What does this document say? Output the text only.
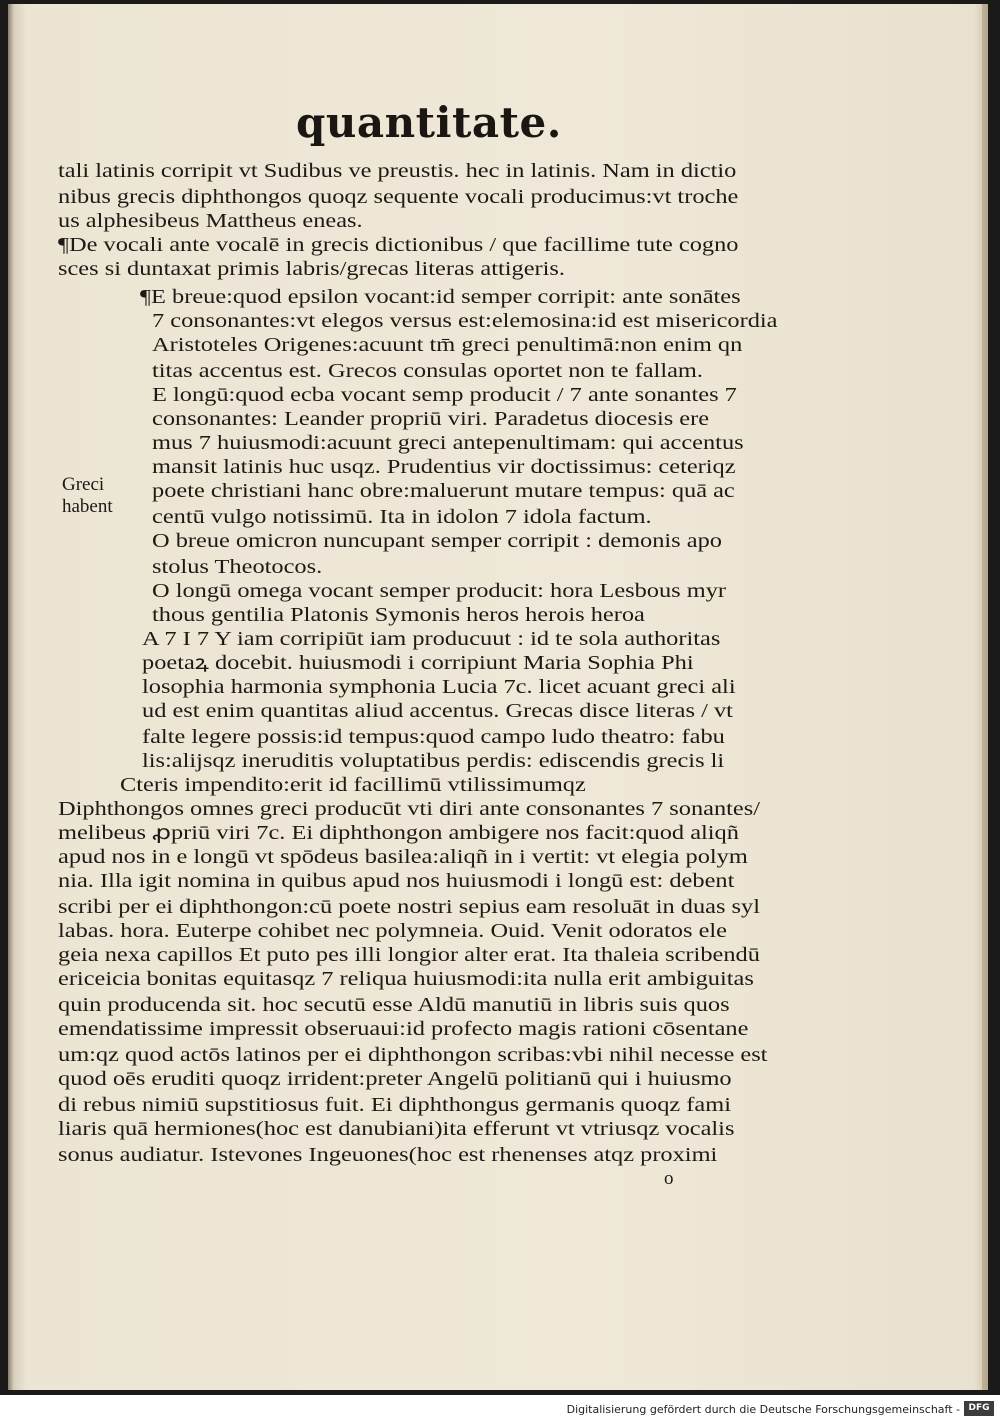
quantitate.
tali latinis corripit vt Sudibus ve preustis. hec in latinis. Nam in dictio
nibus grecis diphthongos quoqz sequente vocali producimus:vt troche
us alphesibeus Mattheus eneas.
¶De vocali ante vocalē in grecis dictionibus / que facillime tute cogno
sces si duntaxat primis labris/grecas literas attigeris.
¶E breue:quod epsilon vocant:id semper corripit: ante sonātes
7 consonantes:vt elegos versus est:elemosina:id est misericordia
Aristoteles Origenes:acuunt tm̄ greci penultimā:non enim qn
titas accentus est. Grecos consulas oportet non te fallam.
E longū:quod ecba vocant semp producit / 7 ante sonantes 7
consonantes: Leander propriū viri. Paradetus diocesis ere
mus 7 huiusmodi:acuunt greci antepenultimam: qui accentus
mansit latinis huc usqz. Prudentius vir doctissimus: ceteriqz
poete christiani hanc obre:maluerunt mutare tempus: quā ac
centū vulgo notissimū. Ita in idolon 7 idola factum.
O breue omicron nuncupant semper corripit : demonis apo
stolus Theotocos.
O longū omega vocant semper producit: hora Lesbous myr
thous gentilia Platonis Symonis heros herois heroa
A 7 I 7 Y iam corripiūt iam producuut : id te sola authoritas
poetaꝝ docebit. huiusmodi i corripiunt Maria Sophia Phi
losophia harmonia symphonia Lucia 7c. licet acuant greci ali
ud est enim quantitas aliud accentus. Grecas disce literas / vt
falte legere possis:id tempus:quod campo ludo theatro: fabu
lis:alijsqz ineruditis voluptatibus perdis: ediscendis grecis li
Cteris impendito:erit id facillimū vtilissimumqz
Diphthongos omnes greci producūt vti diri ante consonantes 7 sonantes/
melibeus ꝓpriū viri 7c. Ei diphthongon ambigere nos facit:quod aliqñ
apud nos in e longū vt spōdeus basilea:aliqñ in i vertit: vt elegia polym
nia. Illa igit nomina in quibus apud nos huiusmodi i longū est: debent
scribi per ei diphthongon:cū poete nostri sepius eam resoluāt in duas syl
labas. hora. Euterpe cohibet nec polymneia. Ouid. Venit odoratos ele
geia nexa capillos Et puto pes illi longior alter erat. Ita thaleia scribendū
ericeicia bonitas equitasqz 7 reliqua huiusmodi:ita nulla erit ambiguitas
quin producenda sit. hoc secutū esse Aldū manutiū in libris suis quos
emendatissime impressit obseruaui:id profecto magis rationi cōsentane
um:qz quod actōs latinos per ei diphthongon scribas:vbi nihil necesse est
quod oēs eruditi quoqz irrident:preter Angelū politianū qui i huiusmo
di rebus nimiū supstitiosus fuit. Ei diphthongus germanis quoqz fami
liaris quā hermiones(hoc est danubiani)ita efferunt vt vtriusqz vocalis
sonus audiatur. Istevones Ingeuones(hoc est rhenenses atqz proximi
Greci habent
o
Digitalisierung gefördert durch die Deutsche Forschungsgemeinschaft - DFG
